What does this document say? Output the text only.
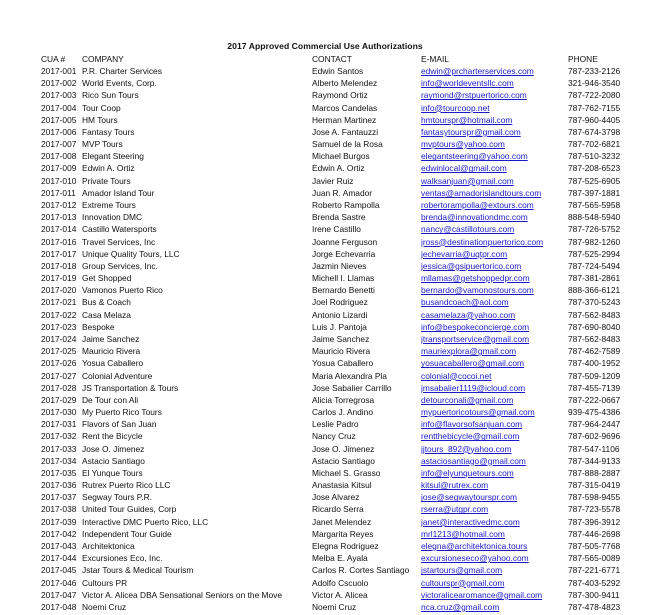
2017 Approved Commercial Use Authorizations
CUA #	COMPANY	CONTACT	E-MAIL	PHONE
2017-001 P.R. Charter Services	Edwin Santos	edwin@prcharterservices.com	787-233-2126
2017-002 World Events, Corp.	Alberto Melendez	info@worldeventsllc.com	321-946-3540
2017-003 Rico Sun Tours	Raymond Ortiz	raymond@rstpuertorico.com	787-722-2080
2017-004 Tour Coop	Marcos Candelas	info@tourcoop.net	787-762-7155
2017-005 HM Tours	Herman Martinez	hmtourspr@hotmail.com	787-960-4405
2017-006 Fantasy Tours	Jose A. Fantauzzi	fantasytourspr@gmail.com	787-674-3798
2017-007 MVP Tours	Samuel de la Rosa	mvptours@yahoo.com	787-702-6821
2017-008 Elegant Steering	Michael Burgos	elegantsteering@yahoo.com	787-510-3232
2017-009 Edwin A. Ortiz	Edwin A. Ortiz	edwinlocal@gmail.com	787-208-6523
2017-010 Private Tours	Javier Ruiz	walksanjuan@gmail.com	787-525-6905
2017-011 Amador Island Tour	Juan R. Amador	ventas@amadorislandtours.com	787-397-1881
2017-012 Extreme Tours	Roberto Rampolla	robertorampolla@extours.com	787-565-5958
2017-013 Innovation DMC	Brenda Sastre	brenda@innovationdmc.com	888-548-5940
2017-014 Castillo Watersports	Irene Castillo	nancy@castillotours.com	787-726-5752
2017-016 Travel Services, Inc	Joanne Ferguson	jross@destinationpuertorico.com	787-982-1260
2017-017 Unique Quality Tours, LLC	Jorge Echevarria	jechevarria@uqtpr.com	787-525-2994
2017-018 Group Services, Inc.	Jazmin Nieves	jessica@gsipuertorico.com	787-724-5494
2017-019 Get Shopped	Michell I. Llamas	mllamas@getshoppedpr.com	787-381-2861
2017-020 Vamonos Puerto Rico	Bernardo Benetti	bernardo@vamonostours.com	888-366-6121
2017-021 Bus & Coach	Joel Rodriguez	busandcoach@aol.com	787-370-5243
2017-022 Casa Melaza	Antonio Lizardi	casamelaza@yahoo.com	787-562-8483
2017-023 Bespoke	Luis J. Pantoja	info@bespokeconcierge.com	787-690-8040
2017-024 Jaime Sanchez	Jaime Sanchez	jtransportservice@gmail.com	787-562-8483
2017-025 Mauricio Rivera	Mauricio Rivera	mauriexplora@gmail.com	787-462-7589
2017-026 Yosua Caballero	Yosua Caballero	yosuacaballero@gmail.com	787-400-1952
2017-027 Colonial Adventure	Maria Alexandra Pla	colonial@cocoi.net	787-509-1209
2017-028 JS Transportation & Tours	Jose Sabalier Carrillo	jmsabalier1119@icloud.com	787-455-7139
2017-029 De Tour con Ali	Alicia Torregrosa	detourconali@gmail.com	787-222-0667
2017-030 My Puerto Rico Tours	Carlos J. Andino	mypuertoricotours@gmail.com	939-475-4386
2017-031 Flavors of San Juan	Leslie Padro	info@flavorsofsanjuan.com	787-964-2447
2017-032 Rent the Bicycle	Nancy Cruz	rentthebicycle@gmail.com	787-602-9696
2017-033 Jose O. Jimenez	Jose O. Jimenez	jjtours_892@yahoo.com	787-547-1106
2017-034 Astacio Santiago	Astacio Santiago	astaciosantiago@gmail.com	787-344-9133
2017-035 El Yunque Tours	Michael S. Grasso	info@elyunquetours.com	787-888-2887
2017-036 Rutrex Puerto Rico LLC	Anastasia Kitsul	kitsul@rutrex.com	787-315-0419
2017-037 Segway Tours P.R.	Jose Alvarez	jose@segwaytourspr.com	787-598-9455
2017-038 United Tour Guides, Corp	Ricardo Serra	rserra@utgpr.com	787-723-5578
2017-039 Interactive DMC Puerto Rico, LLC	Janet Melendez	janet@interactivedmc.com	787-396-3912
2017-042 Independent Tour Guide	Margarita Reyes	mrl1213@hotmail.com	787-446-2698
2017-043 Architektonica	Elegna Rodriguez	elegna@architektonica.tours	787-505-7768
2017-044 Excursiones Eco, Inc.	Melba E. Ayala	excursioneseco@yahoo.com	787-565-0089
2017-045 Jstar Tours & Medical Tourism	Carlos R. Cortes Santiago	jstartours@gmail.com	787-221-6771
2017-046 Cultours PR	Adolfo Cscuolo	cultourspr@gmail.com	787-403-5292
2017-047 Victor A. Alicea DBA Sensational Seniors on the Move	Victor A. Alicea	victoralicearomance@gmail.com	787-300-9411
2017-048 Noemi Cruz	Noemi Cruz	nca.cruz@gmail.com	787-478-4823
